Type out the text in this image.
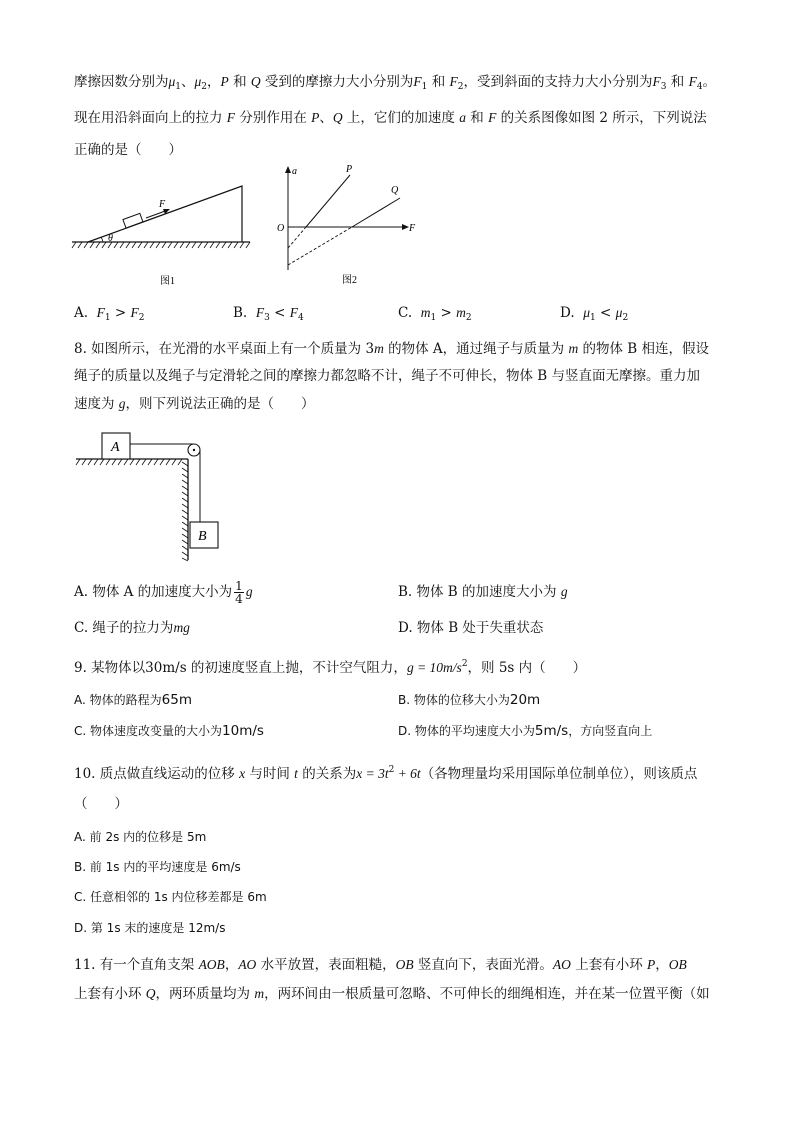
摩擦因数分别为$\mu_1$、$\mu_2$，P 和 Q 受到的摩擦力大小分别为$F_1$ 和 $F_2$，受到斜面的支持力大小分别为$F_3$ 和 $F_4$。
现在用沿斜面向上的拉力 F 分别作用在 P、Q 上，它们的加速度 a 和 F 的关系图像如图 2 所示，下列说法
正确的是（　　）
F
θ
图1
a
F
O
P
Q
图2
A. $F_1 > F_2$	B. $F_3 < F_4$	C. $m_1 > m_2$	D. $\mu_1 < \mu_2$
8. 如图所示，在光滑的水平桌面上有一个质量为 3m 的物体 A，通过绳子与质量为 m 的物体 B 相连，假设
绳子的质量以及绳子与定滑轮之间的摩擦力都忽略不计，绳子不可伸长，物体 B 与竖直面无摩擦。重力加
速度为 g，则下列说法正确的是（　　）
A
B
A. 物体 A 的加速度大小为 $\frac{1}{4}$ g	B. 物体 B 的加速度大小为 g
C. 绳子的拉力为mg	D. 物体 B 处于失重状态
9. 某物体以30m/s 的初速度竖直上抛，不计空气阻力，$g = 10m/s^2$，则 5s 内（　　）
A. 物体的路程为65m	B. 物体的位移大小为20m
C. 物体速度改变量的大小为10m/s	D. 物体的平均速度大小为5m/s，方向竖直向上
10. 质点做直线运动的位移 x 与时间 t 的关系为$x = 3t^2 + 6t$（各物理量均采用国际单位制单位），则该质点
（　　）
A. 前 2s 内的位移是 5m
B. 前 1s 内的平均速度是 6m/s
C. 任意相邻的 1s 内位移差都是 6m
D. 第 1s 末的速度是 12m/s
11. 有一个直角支架 AOB，AO 水平放置，表面粗糙，OB 竖直向下，表面光滑。AO 上套有小环 P，OB
上套有小环 Q，两环质量均为 m，两环间由一根质量可忽略、不可伸长的细绳相连，并在某一位置平衡（如
